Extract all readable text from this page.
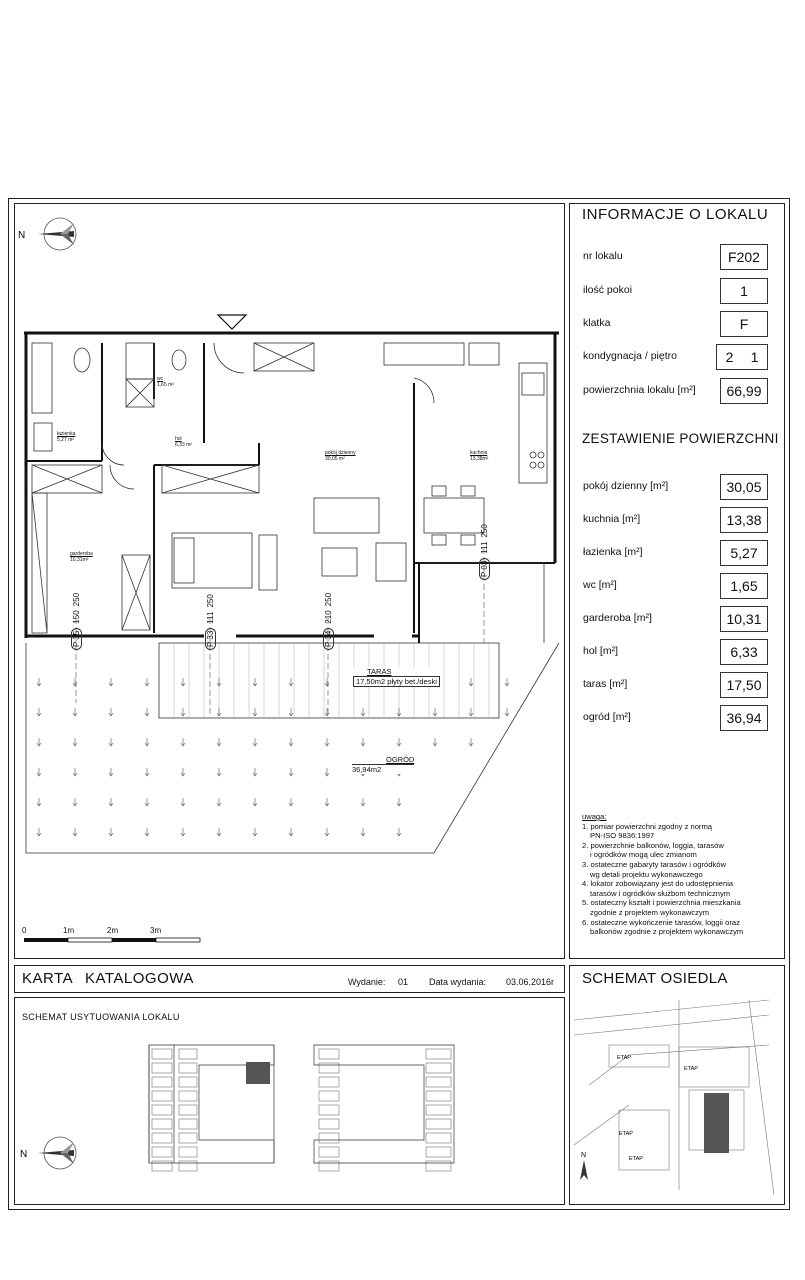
INFORMACJE O LOKALU
nr lokalu	F202
ilość pokoi	1
klatka	F
kondygnacja / piętro	2	1
powierzchnia lokalu [m²]	66,99
ZESTAWIENIE POWIERZCHNI
pokój dzienny [m²]	30,05
kuchnia [m²]	13,38
łazienka [m²]	5,27
wc [m²]	1,65
garderoba [m²]	10,31
hol [m²]	6,33
taras [m²]	17,50
ogród [m²]	36,94
uwaga:
1. pomiar powierzchni zgodny z normą
PN-ISO 9836:1997
2. powierzchnie balkonów, loggia, tarasów
i ogródków mogą ulec zmianom
3. ostateczne gabaryty tarasów i ogródków
wg detali projektu wykonawczego
4. lokator zobowiązany jest do udostępnienia
tarasów i ogródków służbom technicznym
5. ostateczny kształt i powierzchnia mieszkania
zgodnie z projektem wykonawczym
6. ostateczne wykończenie tarasów, loggii oraz
balkonów zgodnie z projektem wykonawczym
N
łazienka
5,27 m²
wc
1,65 m²
hol
6,33 m²
pokój dzienny
30,05 m²
kuchnia
13,38m²
garderoba
10,31m²
P 35150250
P 33111250
P 34210250
P 03111250
TARAS
17,50m2 płyty bet./deski
OGRÓD
36,94m2
0	1m	2m	3m
KARTA KATALOGOWA	Wydanie: 01 Data wydania: 03.06.2016r SCHEMAT OSIEDLA
SCHEMAT USYTUOWANIA LOKALU
N
ETAP
ETAP
ETAP
ETAP
N
